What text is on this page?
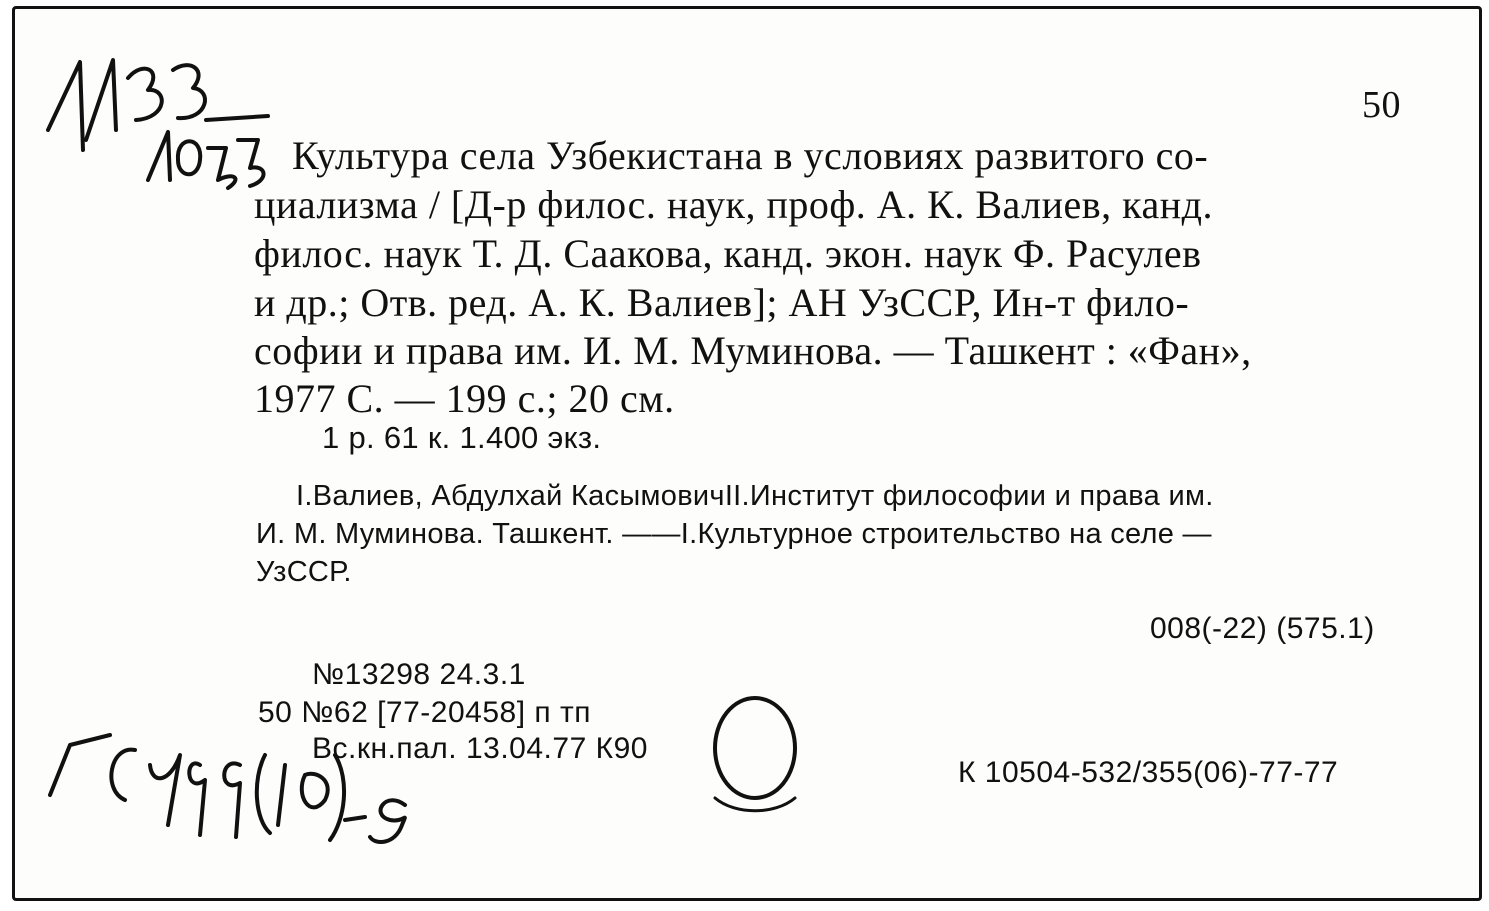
50
Культура села Узбекистана в условиях развитого со-
циализма / [Д-р филос. наук, проф. А. К. Валиев, канд.
филос. наук Т. Д. Саакова, канд. экон. наук Ф. Расулев
и др.; Отв. ред. А. К. Валиев]; АН УзССР, Ин-т фило-
софии и права им. И. М. Муминова. — Ташкент : «Фан»,
1977 С. — 199 с.; 20 см.
1 р. 61 к. 1.400 экз.
I.Валиев, Абдулхай КасымовичII.Институт философии и права им.
И. М. Муминова. Ташкент. ——I.Культурное строительство на селе —
УзССР.
008(-22) (575.1)
№13298 24.3.1
50 №62 [77-20458] п тп
Вс.кн.пал. 13.04.77 К90
К 10504-532/355(06)-77-77
